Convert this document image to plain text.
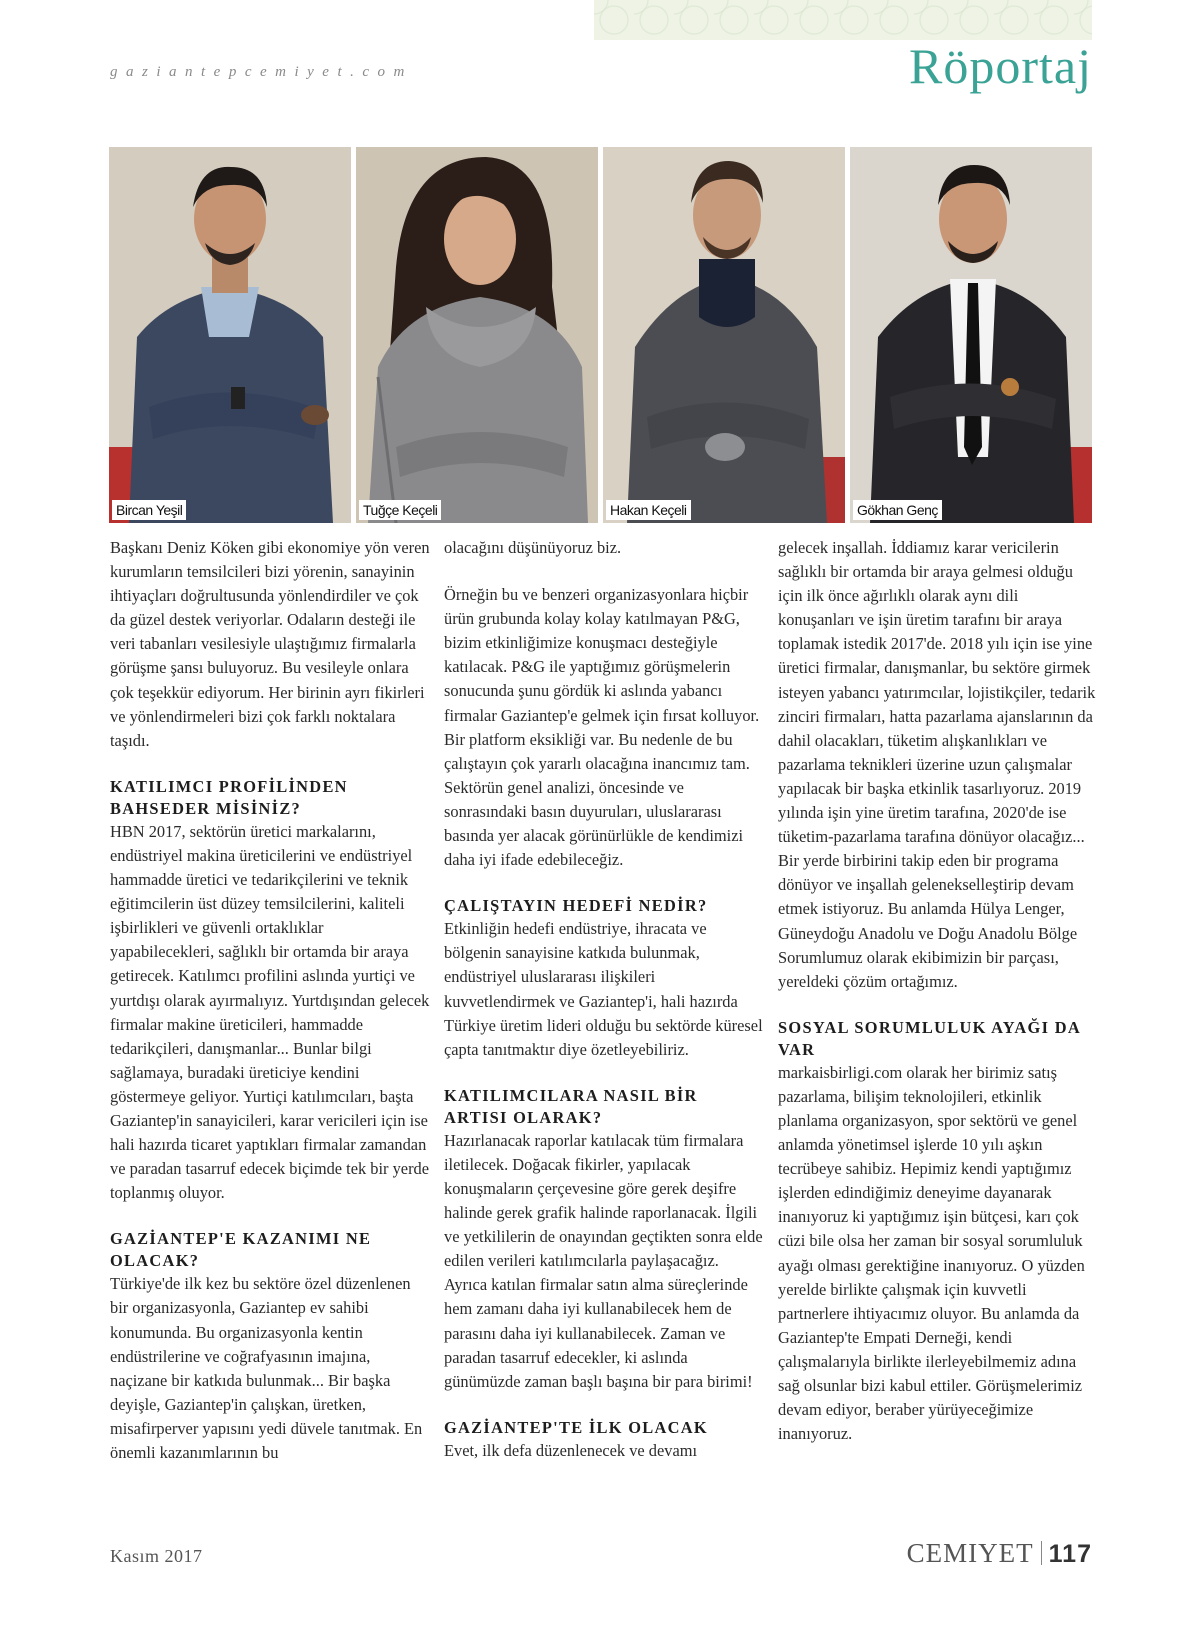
gaziantepcemiyet.com	Röportaj
Bircan Yeşil	Tuğçe Keçeli	Hakan Keçeli	Gökhan Genç

Başkanı Deniz Köken gibi ekonomiye yön veren kurumların temsilcileri bizi yörenin, sanayinin ihtiyaçları doğrultusunda yönlendirdiler ve çok da güzel destek veriyorlar. Odaların desteği ile veri tabanları vesilesiyle ulaştığımız firmalarla görüşme şansı buluyoruz. Bu vesileyle onlara çok teşekkür ediyorum. Her birinin ayrı fikirleri ve yönlendirmeleri bizi çok farklı noktalara taşıdı.

KATILIMCI PROFİLİNDEN BAHSEDER MİSİNİZ?

HBN 2017, sektörün üretici markalarını, endüstriyel makina üreticilerini ve endüstriyel hammadde üretici ve tedarikçilerini ve teknik eğitimcilerin üst düzey temsilcilerini, kaliteli işbirlikleri ve güvenli ortaklıklar yapabilecekleri, sağlıklı bir ortamda bir araya getirecek. Katılımcı profilini aslında yurtiçi ve yurtdışı olarak ayırmalıyız. Yurtdışından gelecek firmalar makine üreticileri, hammadde tedarikçileri, danışmanlar... Bunlar bilgi sağlamaya, buradaki üreticiye kendini göstermeye geliyor. Yurtiçi katılımcıları, başta Gaziantep'in sanayicileri, karar vericileri için ise hali hazırda ticaret yaptıkları firmalar zamandan ve paradan tasarruf edecek biçimde tek bir yerde toplanmış oluyor.

GAZİANTEP'E KAZANIMI NE OLACAK?

Türkiye'de ilk kez bu sektöre özel düzenlenen bir organizasyonla, Gaziantep ev sahibi konumunda. Bu organizasyonla kentin endüstrilerine ve coğrafyasının imajına, naçizane bir katkıda bulunmak... Bir başka deyişle, Gaziantep'in çalışkan, üretken, misafirperver yapısını yedi düvele tanıtmak. En önemli kazanımlarının bu

olacağını düşünüyoruz biz.

Örneğin bu ve benzeri organizasyonlara hiçbir ürün grubunda kolay kolay katılmayan P&G, bizim etkinliğimize konuşmacı desteğiyle katılacak. P&G ile yaptığımız görüşmelerin sonucunda şunu gördük ki aslında yabancı firmalar Gaziantep'e gelmek için fırsat kolluyor. Bir platform eksikliği var. Bu nedenle de bu çalıştayın çok yararlı olacağına inancımız tam. Sektörün genel analizi, öncesinde ve sonrasındaki basın duyuruları, uluslararası basında yer alacak görünürlükle de kendimizi daha iyi ifade edebileceğiz.

ÇALIŞTAYIN HEDEFİ NEDİR?

Etkinliğin hedefi endüstriye, ihracata ve bölgenin sanayisine katkıda bulunmak, endüstriyel uluslararası ilişkileri kuvvetlendirmek ve Gaziantep'i, hali hazırda Türkiye üretim lideri olduğu bu sektörde küresel çapta tanıtmaktır diye özetleyebiliriz.

KATILIMCILARA NASIL BİR ARTISI OLARAK?

Hazırlanacak raporlar katılacak tüm firmalara iletilecek. Doğacak fikirler, yapılacak konuşmaların çerçevesine göre gerek deşifre halinde gerek grafik halinde raporlanacak. İlgili ve yetkililerin de onayından geçtikten sonra elde edilen verileri katılımcılarla paylaşacağız. Ayrıca katılan firmalar satın alma süreçlerinde hem zamanı daha iyi kullanabilecek hem de parasını daha iyi kullanabilecek. Zaman ve paradan tasarruf edecekler, ki aslında günümüzde zaman başlı başına bir para birimi!

GAZİANTEP'TE İLK OLACAK

Evet, ilk defa düzenlenecek ve devamı

gelecek inşallah. İddiamız karar vericilerin sağlıklı bir ortamda bir araya gelmesi olduğu için ilk önce ağırlıklı olarak aynı dili konuşanları ve işin üretim tarafını bir araya toplamak istedik 2017'de. 2018 yılı için ise yine üretici firmalar, danışmanlar, bu sektöre girmek isteyen yabancı yatırımcılar, lojistikçiler, tedarik zinciri firmaları, hatta pazarlama ajanslarının da dahil olacakları, tüketim alışkanlıkları ve pazarlama teknikleri üzerine uzun çalışmalar yapılacak bir başka etkinlik tasarlıyoruz. 2019 yılında işin yine üretim tarafına, 2020'de ise tüketim-pazarlama tarafına dönüyor olacağız... Bir yerde birbirini takip eden bir programa dönüyor ve inşallah gelenekselleştirip devam etmek istiyoruz. Bu anlamda Hülya Lenger, Güneydoğu Anadolu ve Doğu Anadolu Bölge Sorumlumuz olarak ekibimizin bir parçası, yereldeki çözüm ortağımız.

SOSYAL SORUMLULUK AYAĞI DA VAR

markaisbirligi.com olarak her birimiz satış pazarlama, bilişim teknolojileri, etkinlik planlama organizasyon, spor sektörü ve genel anlamda yönetimsel işlerde 10 yılı aşkın tecrübeye sahibiz. Hepimiz kendi yaptığımız işlerden edindiğimiz deneyime dayanarak inanıyoruz ki yaptığımız işin bütçesi, karı çok cüzi bile olsa her zaman bir sosyal sorumluluk ayağı olması gerektiğine inanıyoruz. O yüzden yerelde birlikte çalışmak için kuvvetli partnerlere ihtiyacımız oluyor. Bu anlamda da Gaziantep'te Empati Derneği, kendi çalışmalarıyla birlikte ilerleyebilmemiz adına sağ olsunlar bizi kabul ettiler. Görüşmelerimiz devam ediyor, beraber yürüyeceğimize inanıyoruz.

Kasım 2017	CEMIYET 117
